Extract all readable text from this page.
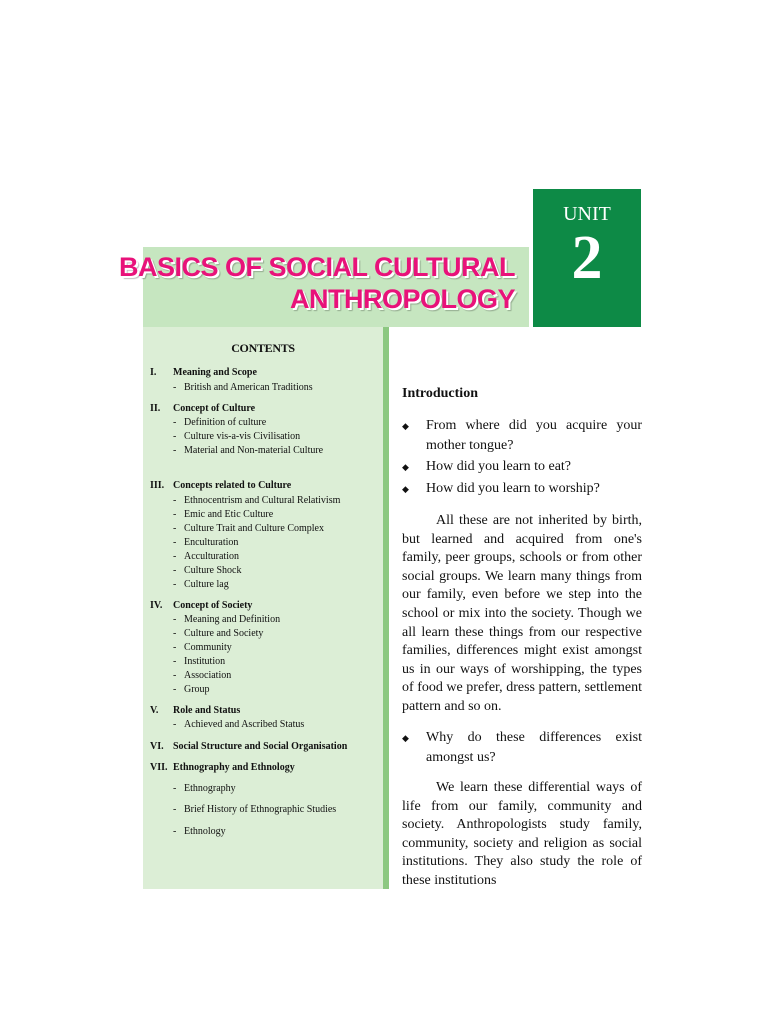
BASICS OF SOCIAL CULTURAL
ANTHROPOLOGY
UNIT
2
CONTENTS
I. Meaning and Scope
- British and American Traditions
II. Concept of Culture
- Definition of culture
- Culture vis-a-vis Civilisation
- Material and Non-material Culture
III. Concepts related to Culture
- Ethnocentrism and Cultural Relativism
- Emic and Etic Culture
- Culture Trait and Culture Complex
- Enculturation
- Acculturation
- Culture Shock
- Culture lag
IV. Concept of Society
- Meaning and Definition
- Culture and Society
- Community
- Institution
- Association
- Group
V. Role and Status
- Achieved and Ascribed Status
VI. Social Structure and Social Organisation
VII. Ethnography and Ethnology
- Ethnography
- Brief History of Ethnographic Studies
- Ethnology
Introduction
◆ From where did you acquire your mother tongue?
◆ How did you learn to eat?
◆ How did you learn to worship?
All these are not inherited by birth, but learned and acquired from one's family, peer groups, schools or from other social groups. We learn many things from our family, even before we step into the school or mix into the society. Though we all learn these things from our respective families, differences might exist amongst us in our ways of worshipping, the types of food we prefer, dress pattern, settlement pattern and so on.
◆ Why do these differences exist amongst us?
We learn these differential ways of life from our family, community and society. Anthropologists study family, community, society and religion as social institutions. They also study the role of these institutions
